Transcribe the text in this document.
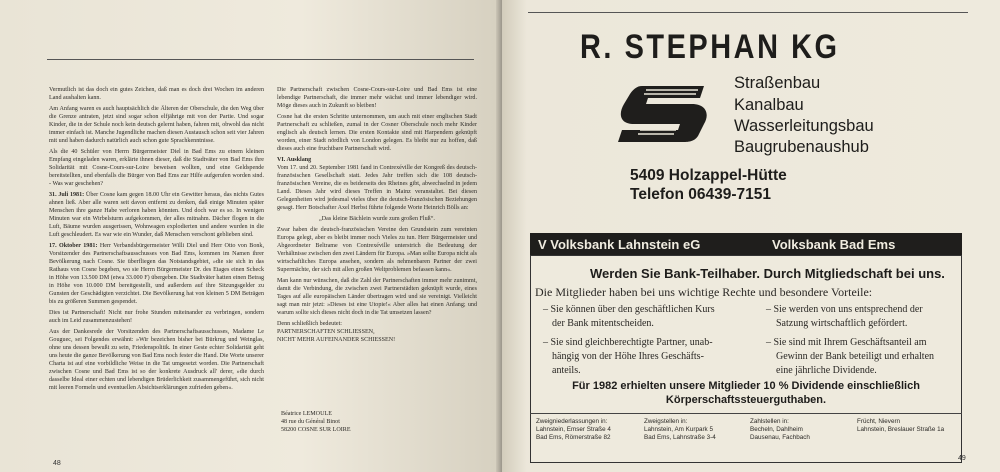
Vermutlich ist das doch ein gutes Zeichen, daß man es doch drei Wochen im anderen Land aushalten kann.

Am Anfang waren es auch hauptsächlich die Älteren der Oberschule, die den Weg über die Grenze antraten, jetzt sind sogar schon elfjährige mit von der Partie. Und sogar Kinder, die in der Schule noch kein deutsch gelernt haben, fahren mit, obwohl das nicht immer einfach ist. Manche Jugendliche machen diesen Austausch schon seit vier Jahren mit und haben dadurch natürlich auch schon gute Sprachkenntnisse.

Als die 40 Schüler von Herrn Bürgermeister Diel in Bad Ems zu einem kleinen Empfang eingeladen waren, erklärte ihnen dieser, daß die Stadtväter von Bad Ems ihre Solidarität mit Cosne-Cours-sur-Loire beweisen wollten, und eine Geldspende bereitstellten, und ebenfalls die Bürger von Bad Ems zur Hilfe aufgerufen worden sind. - Was war geschehen?

31. Juli 1981: Über Cosne kam gegen 18.00 Uhr ein Gewitter heraus, das nichts Gutes ahnen ließ. Aber alle waren seit davon entfernt zu denken, daß einige Minuten später Menschen ihre ganze Habe verloren haben könnten. Und doch war es so. In wenigen Minuten war ein Wirbelsturm aufgekommen, der alles mitnahm. Dächer flogen in die Luft, Bäume wurden ausgerissen, Wohnwagen explodierten und andere wurden in die Luft geschleudert. Es war wie ein Wunder, daß Menschen verschont geblieben sind.

17. Oktober 1981: Herr Verbandsbürgermeister Willi Diel und Herr Otto von Bonk, Vorsitzender des Partnerschaftsausschusses von Bad Ems, kommen im Namen ihrer Bevölkerung nach Cosne. Sie überfliegen das Notstandsgebiet, »die sie sich in das Rathaus von Cosne begeben, wo sie Herrn Bürgermeister Dr. des Etages einen Scheck in Höhe von 13.500 DM (etwa 33.000 F) übergeben. Die Stadtväter hatten einen Betrag in Höhe von 10.000 DM bereitgestellt, und außerdem auf ihre Sitzungsgelder zu Gunsten der Geschädigten verzichtet. Die Bevölkerung hat von kleinen 5 DM Beträgen bis zu größeren Summen gespendet.

Dies ist Partnerschaft! Nicht nur frohe Stunden miteinander zu verbringen, sondern auch im Leid zusammenzustehen!

Aus der Dankesrede der Vorsitzenden des Partnerschaftsausschusses, Madame Le Gouguec, sei Folgendes erwähnt: »Wir bezeichen bisher bei Bürkrug und Weinglas, ohne uns dessen bewußt zu sein, Friedenspolitik. In einer Geste echter Solidarität geht uns heute die ganze Bevölkerung von Bad Ems noch fester die Hand. Die Worte unserer Charta ist auf eine vorbildliche Weise in die Tat umgesetzt worden. Die Partnerschaft zwischen Cosne und Bad Ems ist so der konkrete Ausdruck all' derer, »die durch dasselbe Ideal einer echten und lebendigen Brüderlichkeit zusammengeführt, sich nicht mit leeren Formeln und eventuellen Absichtserklärungen zufrieden geben«.

Die Partnerschaft zwischen Cosne-Cours-sur-Loire und Bad Ems ist eine lebendige Partnerschaft, die immer mehr wächst und immer lebendiger wird. Möge dieses auch in Zukunft so bleiben!

Cosne hat die ersten Schritte unternommen, um auch mit einer englischen Stadt Partnerschaft zu schließen, zumal in der Cosner Oberschule noch mehr Kinder englisch als deutsch lernen. Die ersten Kontakte sind mit Harpendem geknüpft worden, einer Stadt nördlich von London gelegen. Es bleibt nur zu hoffen, daß dieses auch eine fruchtbare Partnerschaft wird.

VI. Ausklang

Vom 17. und 20. September 1981 fand in Contrexéville der Kongreß des deutsch-französischen Gesellschaft statt. Jedes Jahr treffen sich die 108 deutsch-französischen Vereine, die es beiderseits des Rheines gibt, abwechselnd in jedem Land. Dieses Jahr wird dieses Treffen in Mainz veranstaltet. Bei diesen Gelegenheiten wird jedesmal vieles über die deutsch-französischen Beziehungen gesagt. Herr Botschafter Axel Herbst führte folgende Worte Heinrich Bölls an:

„Das kleine Bächlein wurde zum großen Fluß“.

Zwar haben die deutsch-französischen Vereine den Grundstein zum vereinten Europa gelegt, aber es bleibt immer noch Vieles zu tun. Herr Bürgermeister und Abgeordneter Beltrame von Contrexéville unterstrich die Bedeutung der Verhältnisse zwischen den zwei Ländern für Europa. »Man sollte Europa nicht als wirtschaftliches Europa ansehen, sondern als nehmenbaren Partner der zwei Supermächte, der sich mit allen großen Weltproblemen befassen kann«.

Man kann nur wünschen, daß die Zahl der Partnerschaften immer mehr zunimmt, damit die Verbindung, die zwischen zwei Partnerstädten geknüpft wurde, eines Tages auf alle europäischen Länder übertragen wird und sie vereinigt. Vielleicht sagt man mir jetzt: »Dieses ist eine Utopie!« Aber alles hat einen Anfang; und warum sollte sich dieses nicht doch in die Tat umsetzen lassen?

Denn schließlich bedeutet:

PARTNERSCHAFTEN SCHLIESSEN,

NICHT MEHR AUFEINANDER SCHIESSEN!

Béatrice LEMOULE
48 rue du Général Binot
58200 COSNE SUR LOIRE
48
R. STEPHAN KG
Straßenbau
Kanalbau
Wasserleitungsbau
Baugrubenaushub
5409 Holzappel-Hütte
Telefon 06439-7151
V Volksbank Lahnstein eG	Volksbank Bad Ems
Werden Sie Bank-Teilhaber. Durch Mitgliedschaft bei uns.
Die Mitglieder haben bei uns wichtige Rechte und besondere Vorteile:
– Sie können über den geschäftlichen Kurs
der Bank mitentscheiden.
– Sie werden von uns entsprechend der
Satzung wirtschaftlich gefördert.
– Sie sind gleichberechtigte Partner, unab-
hängig von der Höhe Ihres Geschäfts-
anteils.
– Sie sind mit Ihrem Geschäftsanteil am
Gewinn der Bank beteiligt und erhalten
eine jährliche Dividende.
Für 1982 erhielten unsere Mitglieder 10 % Dividende einschließlich
Körperschaftssteuerguthaben.
Zweigniederlassungen in:
Lahnstein, Emser Straße 4
Bad Ems, Römerstraße 82
Zweigstellen in:
Lahnstein, Am Kurpark 5
Bad Ems, Lahnstraße 3-4
Zahlstellen in:
Becheln, Dahlheim
Dausenau, Fachbach
Frücht, Nievern
Lahnstein, Breslauer Straße 1a
49
